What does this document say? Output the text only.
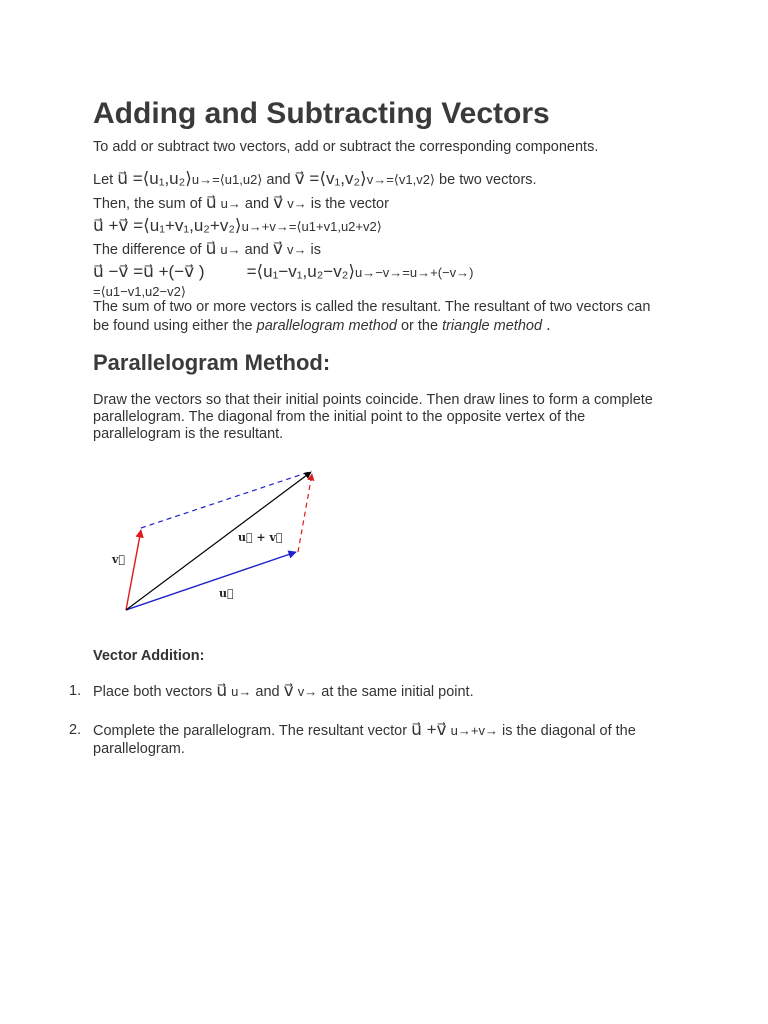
Adding and Subtracting Vectors

To add or subtract two vectors, add or subtract the corresponding components.

Let u⃗ =⟨u₁,u₂⟩u→=⟨u1,u2⟩ and v⃗ =⟨v₁,v₂⟩v→=⟨v1,v2⟩ be two vectors.
Then, the sum of u⃗ u→ and v⃗ v→ is the vector
u⃗ +v⃗ =⟨u₁+v₁,u₂+v₂⟩u→+v→=⟨u1+v1,u2+v2⟩
The difference of u⃗ u→ and v⃗ v→ is
u⃗ −v⃗ =u⃗ +(−v⃗ ) =⟨u₁−v₁,u₂−v₂⟩u→−v→=u→+(−v→)
=⟨u1−v1,u2−v2⟩

The sum of two or more vectors is called the resultant. The resultant of two vectors can be found using either the parallelogram method or the triangle method .

Parallelogram Method:

Draw the vectors so that their initial points coincide. Then draw lines to form a complete parallelogram. The diagonal from the initial point to the opposite vertex of the parallelogram is the resultant.

v⃗
u⃗
u⃗ + v⃗
Vector Addition:
1. Place both vectors u⃗ u→ and v⃗ v→ at the same initial point.
2. Complete the parallelogram. The resultant vector u⃗ +v⃗ u→+v→ is the diagonal of the parallelogram.
